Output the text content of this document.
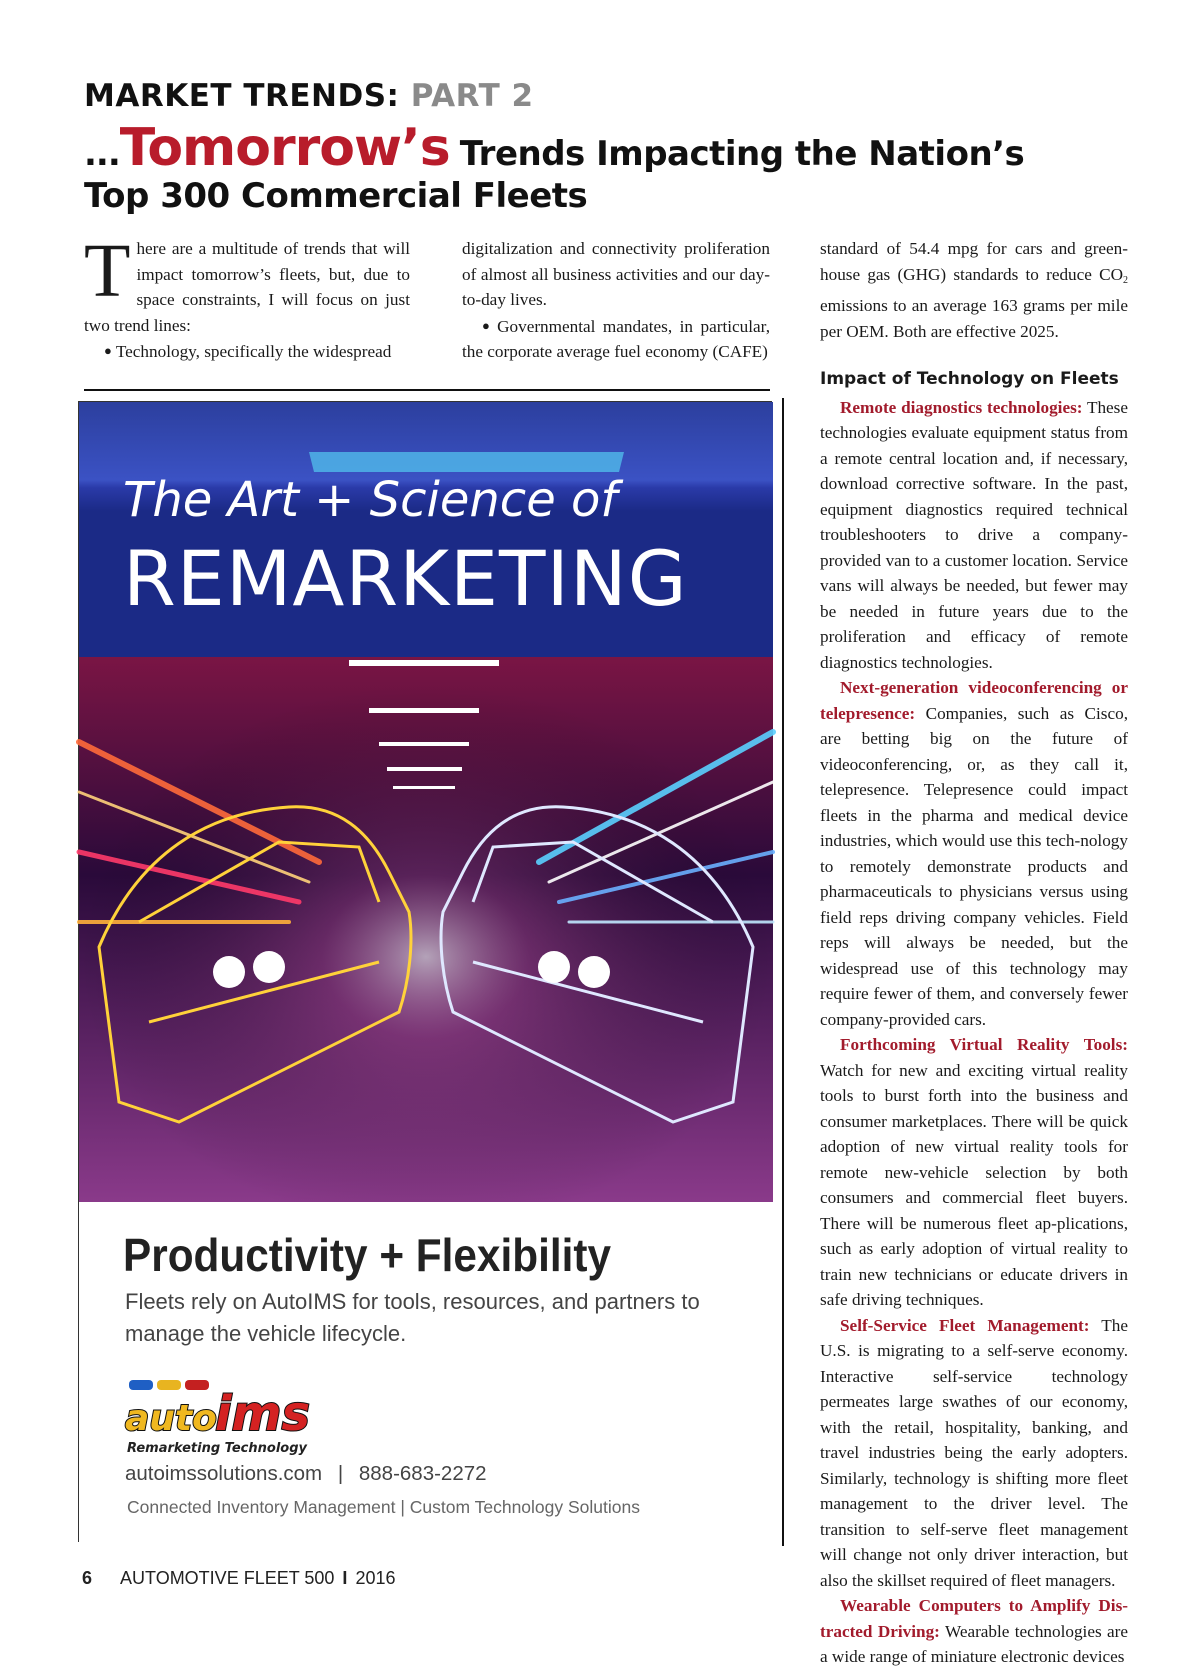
MARKET TRENDS: PART 2
... Tomorrow’s Trends Impacting the Nation’s
Top 300 Commercial Fleets
T here are a multitude of trends that will impact tomorrow’s fleets, but, due to space constraints, I will focus on just two trend lines:
● Technology, specifically the widespread
digitalization and connectivity proliferation of almost all business activities and our day-to-day lives.
● Governmental mandates, in particular, the corporate average fuel economy (CAFE)
standard of 54.4 mpg for cars and green-house gas (GHG) standards to reduce $CO_2$ emissions to an average 163 grams per mile per OEM. Both are effective 2025.
Impact of Technology on Fleets
Remote diagnostics technologies: These technologies evaluate equipment status from a remote central location and, if necessary, download corrective software. In the past, equipment diagnostics required technical troubleshooters to drive a company-provided van to a customer location. Service vans will always be needed, but fewer may be needed in future years due to the proliferation and efficacy of remote diagnostics technologies.
Next-generation videoconferencing or telepresence: Companies, such as Cisco, are betting big on the future of videoconferencing, or, as they call it, telepresence. Telepresence could impact fleets in the pharma and medical device industries, which would use this tech-nology to remotely demonstrate products and pharmaceuticals to physicians versus using field reps driving company vehicles. Field reps will always be needed, but the widespread use of this technology may require fewer of them, and conversely fewer company-provided cars.
Forthcoming Virtual Reality Tools: Watch for new and exciting virtual reality tools to burst forth into the business and consumer marketplaces. There will be quick adoption of new virtual reality tools for remote new-vehicle selection by both consumers and commercial fleet buyers. There will be numerous fleet ap-plications, such as early adoption of virtual reality to train new technicians or educate drivers in safe driving techniques.
Self-Service Fleet Management: The U.S. is migrating to a self-serve economy. Interactive self-service technology permeates large swathes of our economy, with the retail, hospitality, banking, and travel industries being the early adopters. Similarly, technology is shifting more fleet management to the driver level. The transition to self-serve fleet management will change not only driver interaction, but also the skillset required of fleet managers.
Wearable Computers to Amplify Dis-tracted Driving: Wearable technologies are a wide range of miniature electronic devices
The Art + Science of
REMARKETING
Productivity + Flexibility
Fleets rely on AutoIMS for tools, resources, and partners to manage the vehicle lifecycle.
auto
ims
Remarketing Technology
autoimssolutions.com | 888-683-2272
Connected Inventory Management | Custom Technology Solutions
6 AUTOMOTIVE FLEET 500 I 2016
